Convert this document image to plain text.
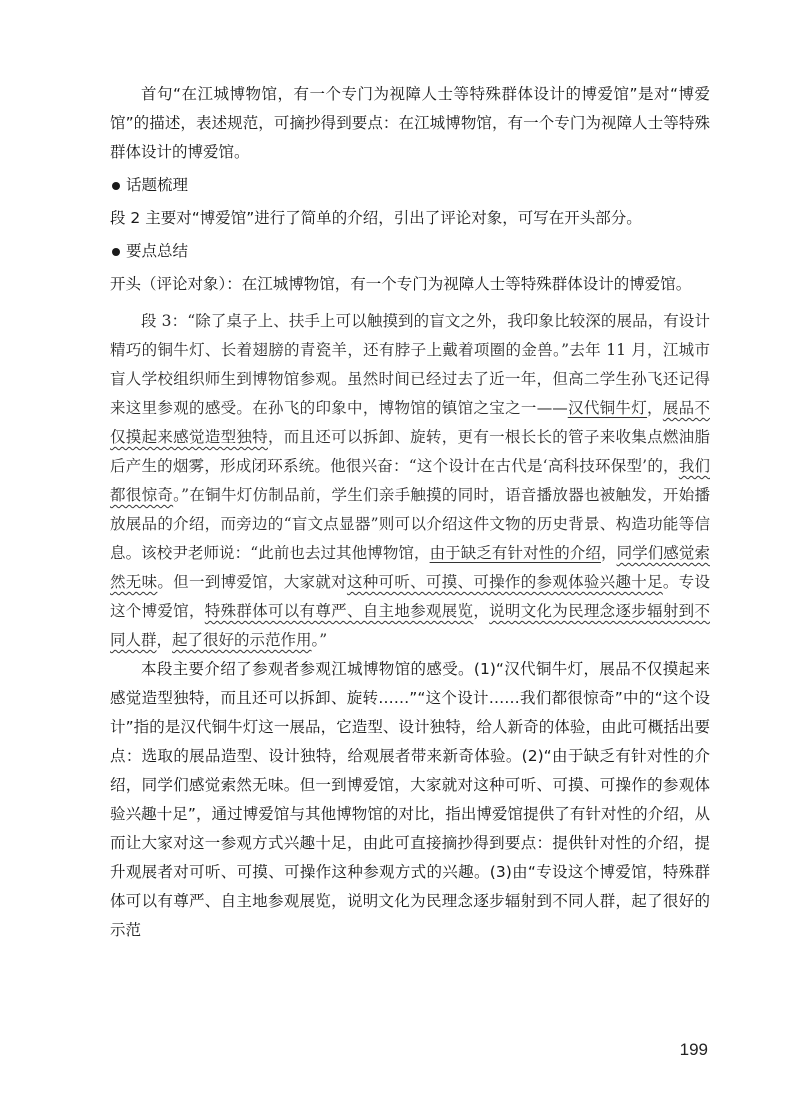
首句“在江城博物馆，有一个专门为视障人士等特殊群体设计的博爱馆”是对“博爱馆”的描述，表述规范，可摘抄得到要点：在江城博物馆，有一个专门为视障人士等特殊群体设计的博爱馆。

话题梳理

段 2 主要对“博爱馆”进行了简单的介绍，引出了评论对象，可写在开头部分。

要点总结

开头（评论对象）：在江城博物馆，有一个专门为视障人士等特殊群体设计的博爱馆。

段 3：“除了桌子上、扶手上可以触摸到的盲文之外，我印象比较深的展品，有设计精巧的铜牛灯、长着翅膀的青瓷羊，还有脖子上戴着项圈的金兽。”去年 11 月，江城市盲人学校组织师生到博物馆参观。虽然时间已经过去了近一年，但高二学生孙飞还记得来这里参观的感受。在孙飞的印象中，博物馆的镇馆之宝之一——汉代铜牛灯，展品不仅摸起来感觉造型独特，而且还可以拆卸、旋转，更有一根长长的管子来收集点燃油脂后产生的烟雾，形成闭环系统。他很兴奋：“这个设计在古代是‘高科技环保型’的，我们都很惊奇。”在铜牛灯仿制品前，学生们亲手触摸的同时，语音播放器也被触发，开始播放展品的介绍，而旁边的“盲文点显器”则可以介绍这件文物的历史背景、构造功能等信息。该校尹老师说：“此前也去过其他博物馆，由于缺乏有针对性的介绍，同学们感觉索然无味。但一到博爱馆，大家就对这种可听、可摸、可操作的参观体验兴趣十足。专设这个博爱馆，特殊群体可以有尊严、自主地参观展览，说明文化为民理念逐步辐射到不同人群，起了很好的示范作用。”

本段主要介绍了参观者参观江城博物馆的感受。(1)“汉代铜牛灯，展品不仅摸起来感觉造型独特，而且还可以拆卸、旋转……”“这个设计……我们都很惊奇”中的“这个设计”指的是汉代铜牛灯这一展品，它造型、设计独特，给人新奇的体验，由此可概括出要点：选取的展品造型、设计独特，给观展者带来新奇体验。(2)“由于缺乏有针对性的介绍，同学们感觉索然无味。但一到博爱馆，大家就对这种可听、可摸、可操作的参观体验兴趣十足”，通过博爱馆与其他博物馆的对比，指出博爱馆提供了有针对性的介绍，从而让大家对这一参观方式兴趣十足，由此可直接摘抄得到要点：提供针对性的介绍，提升观展者对可听、可摸、可操作这种参观方式的兴趣。(3)由“专设这个博爱馆，特殊群体可以有尊严、自主地参观展览，说明文化为民理念逐步辐射到不同人群，起了很好的示范

199
